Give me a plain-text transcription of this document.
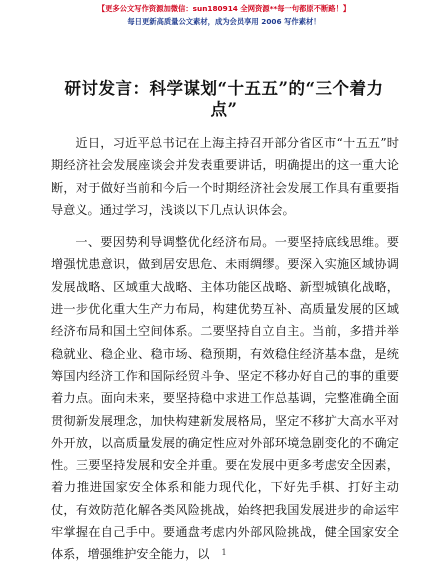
【更多公文写作资源加微信：sun180914 全网资源**每一句都原不断路！】
每日更新高质量公文素材，成为会员享用 2006 写作素材！
研讨发言：科学谋划“十五五”的“三个着力点”

近日，习近平总书记在上海主持召开部分省区市“十五五”时期经济社会发展座谈会并发表重要讲话，明确提出的这一重大论断，对于做好当前和今后一个时期经济社会发展工作具有重要指导意义。通过学习，浅谈以下几点认识体会。

一、要因势利导调整优化经济布局。一要坚持底线思维。要增强忧患意识，做到居安思危、未雨绸缪。要深入实施区域协调发展战略、区域重大战略、主体功能区战略、新型城镇化战略，进一步优化重大生产力布局，构建优势互补、高质量发展的区域经济布局和国土空间体系。二要坚持自立自主。当前，多措并举稳就业、稳企业、稳市场、稳预期，有效稳住经济基本盘，是统筹国内经济工作和国际经贸斗争、坚定不移办好自己的事的重要着力点。面向未来，要坚持稳中求进工作总基调，完整准确全面贯彻新发展理念，加快构建新发展格局，坚定不移扩大高水平对外开放，以高质量发展的确定性应对外部环境急剧变化的不确定性。三要坚持发展和安全并重。要在发展中更多考虑安全因素，着力推进国家安全体系和能力现代化，下好先手棋、打好主动仗，有效防范化解各类风险挑战，始终把我国发展进步的命运牢牢掌握在自己手中。要通盘考虑内外部风险挑战，健全国家安全体系，增强维护安全能力，以	1
